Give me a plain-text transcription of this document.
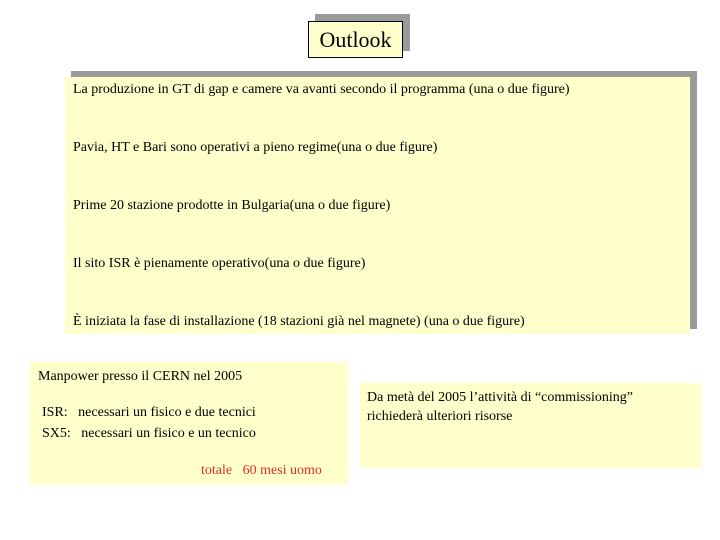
Outlook
La produzione in GT di gap e camere va avanti secondo il programma (una o due figure)
Pavia, HT e Bari sono operativi a pieno regime(una o due figure)
Prime 20 stazione prodotte in Bulgaria(una o due figure)
Il sito ISR è pienamente operativo(una o due figure)
È iniziata la fase di installazione (18 stazioni già nel magnete) (una o due figure)
Manpower presso il CERN nel 2005
ISR:   necessari un fisico e due tecnici
SX5:   necessari un fisico e un tecnico
totale   60 mesi uomo
Da metà del 2005 l’attività di “commissioning” richiederà ulteriori risorse
